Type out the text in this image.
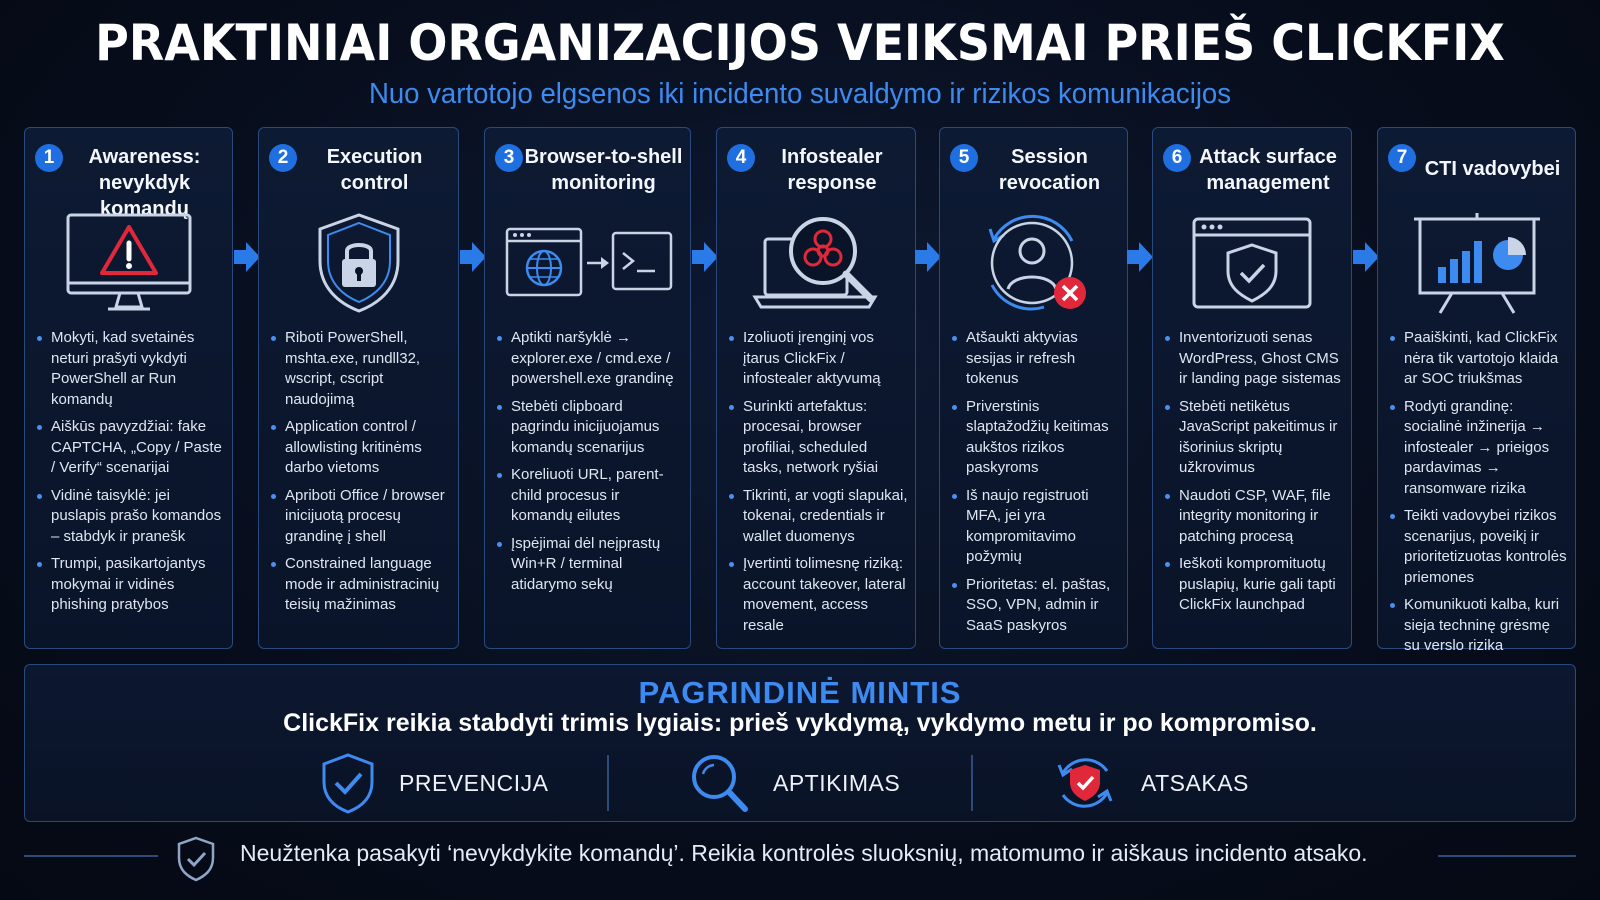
PRAKTINIAI ORGANIZACIJOS VEIKSMAI PRIEŠ CLICKFIX
Nuo vartotojo elgsenos iki incidento suvaldymo ir rizikos komunikacijos
1	Awareness: nevykdyk komandų
Mokyti, kad svetainės neturi prašyti vykdyti PowerShell ar Run komandų
Aiškūs pavyzdžiai: fake CAPTCHA, „Copy / Paste / Verify“ scenarijai
Vidinė taisyklė: jei puslapis prašo komandos – stabdyk ir pranešk
Trumpi, pasikartojantys mokymai ir vidinės phishing pratybos
2	Execution control
Riboti PowerShell, mshta.exe, rundll32, wscript, cscript naudojimą
Application control / allowlisting kritinėms darbo vietoms
Apriboti Office / browser inicijuotą procesų grandinę į shell
Constrained language mode ir administracinių teisių mažinimas
3 Browser-to-shell monitoring
Aptikti naršyklė → explorer.exe / cmd.exe / powershell.exe grandinę
Stebėti clipboard pagrindu inicijuojamus komandų scenarijus
Koreliuoti URL, parent-child procesus ir komandų eilutes
Įspėjimai dėl neįprastų Win+R / terminal atidarymo sekų
4	Infostealer response
Izoliuoti įrenginį vos įtarus ClickFix / infostealer aktyvumą
Surinkti artefaktus: procesai, browser profiliai, scheduled tasks, network ryšiai
Tikrinti, ar vogti slapukai, tokenai, credentials ir wallet duomenys
Įvertinti tolimesnę riziką: account takeover, lateral movement, access resale
5	Session revocation
Atšaukti aktyvias sesijas ir refresh tokenus
Priverstinis slaptažodžių keitimas aukštos rizikos paskyroms
Iš naujo registruoti MFA, jei yra kompromitavimo požymių
Prioritetas: el. paštas, SSO, VPN, admin ir SaaS paskyros
6 Attack surface management
Inventorizuoti senas WordPress, Ghost CMS ir landing page sistemas
Stebėti netikėtus JavaScript pakeitimus ir išorinius skriptų užkrovimus
Naudoti CSP, WAF, file integrity monitoring ir patching procesą
Ieškoti kompromituotų puslapių, kurie gali tapti ClickFix launchpad
7
CTI vadovybei
Paaiškinti, kad ClickFix nėra tik vartotojo klaida ar SOC triukšmas
Rodyti grandinę: socialinė inžinerija → infostealer → prieigos pardavimas → ransomware rizika
Teikti vadovybei rizikos scenarijus, poveikį ir prioritetizuotas kontrolės priemones
Komunikuoti kalba, kuri sieja techninę grėsmę su verslo rizika
PAGRINDINĖ MINTIS
ClickFix reikia stabdyti trimis lygiais: prieš vykdymą, vykdymo metu ir po kompromiso.
PREVENCIJA	APTIKIMAS	ATSAKAS
Neužtenka pasakyti ‘nevykdykite komandų’. Reikia kontrolės sluoksnių, matomumo ir aiškaus incidento atsako.
